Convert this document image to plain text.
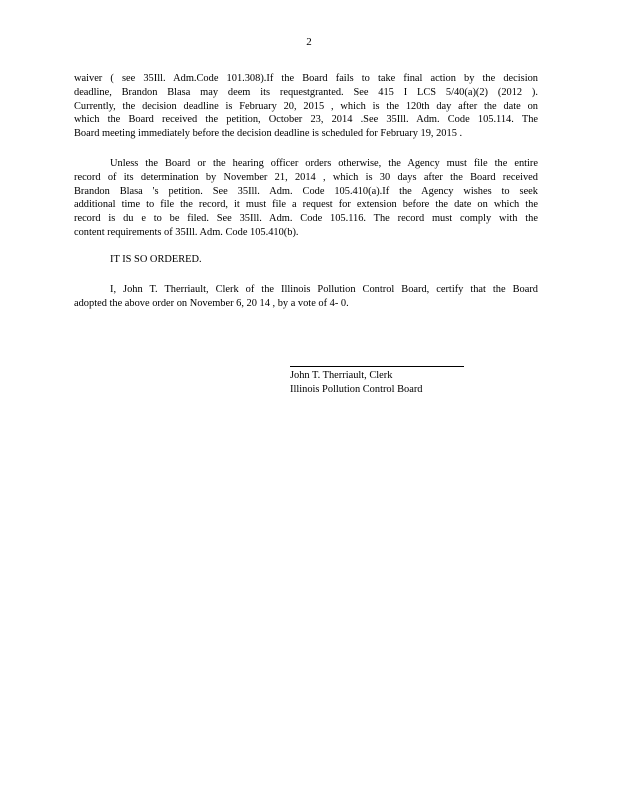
2
waiver ( see 35Ill. Adm.Code 101.308).If the Board fails to take final action by the decision
deadline, Brandon Blasa may deem its requestgranted. See 415 I LCS 5/40(a)(2) (2012 ).
Currently, the decision deadline is February 20, 2015 , which is the 120th day after the date on
which the Board received the petition, October 23, 2014 .See 35Ill. Adm. Code 105.114. The
Board meeting immediately before the decision deadline is scheduled for February 19, 2015 .
Unless the Board or the hearing officer orders otherwise, the Agency must file the entire
record of its determination by November 21, 2014 , which is 30 days after the Board received
Brandon Blasa 's petition. See 35Ill. Adm. Code 105.410(a).If the Agency wishes to seek
additional time to file the record, it must file a request for extension before the date on which the
record is du e to be filed. See 35Ill. Adm. Code 105.116. The record must comply with the
content requirements of 35Ill. Adm. Code 105.410(b).
IT IS SO ORDERED.
I, John T. Therriault, Clerk of the Illinois Pollution Control Board, certify that the Board
adopted the above order on November 6, 20 14 , by a vote of 4- 0.
John T. Therriault, Clerk
Illinois Pollution Control Board
